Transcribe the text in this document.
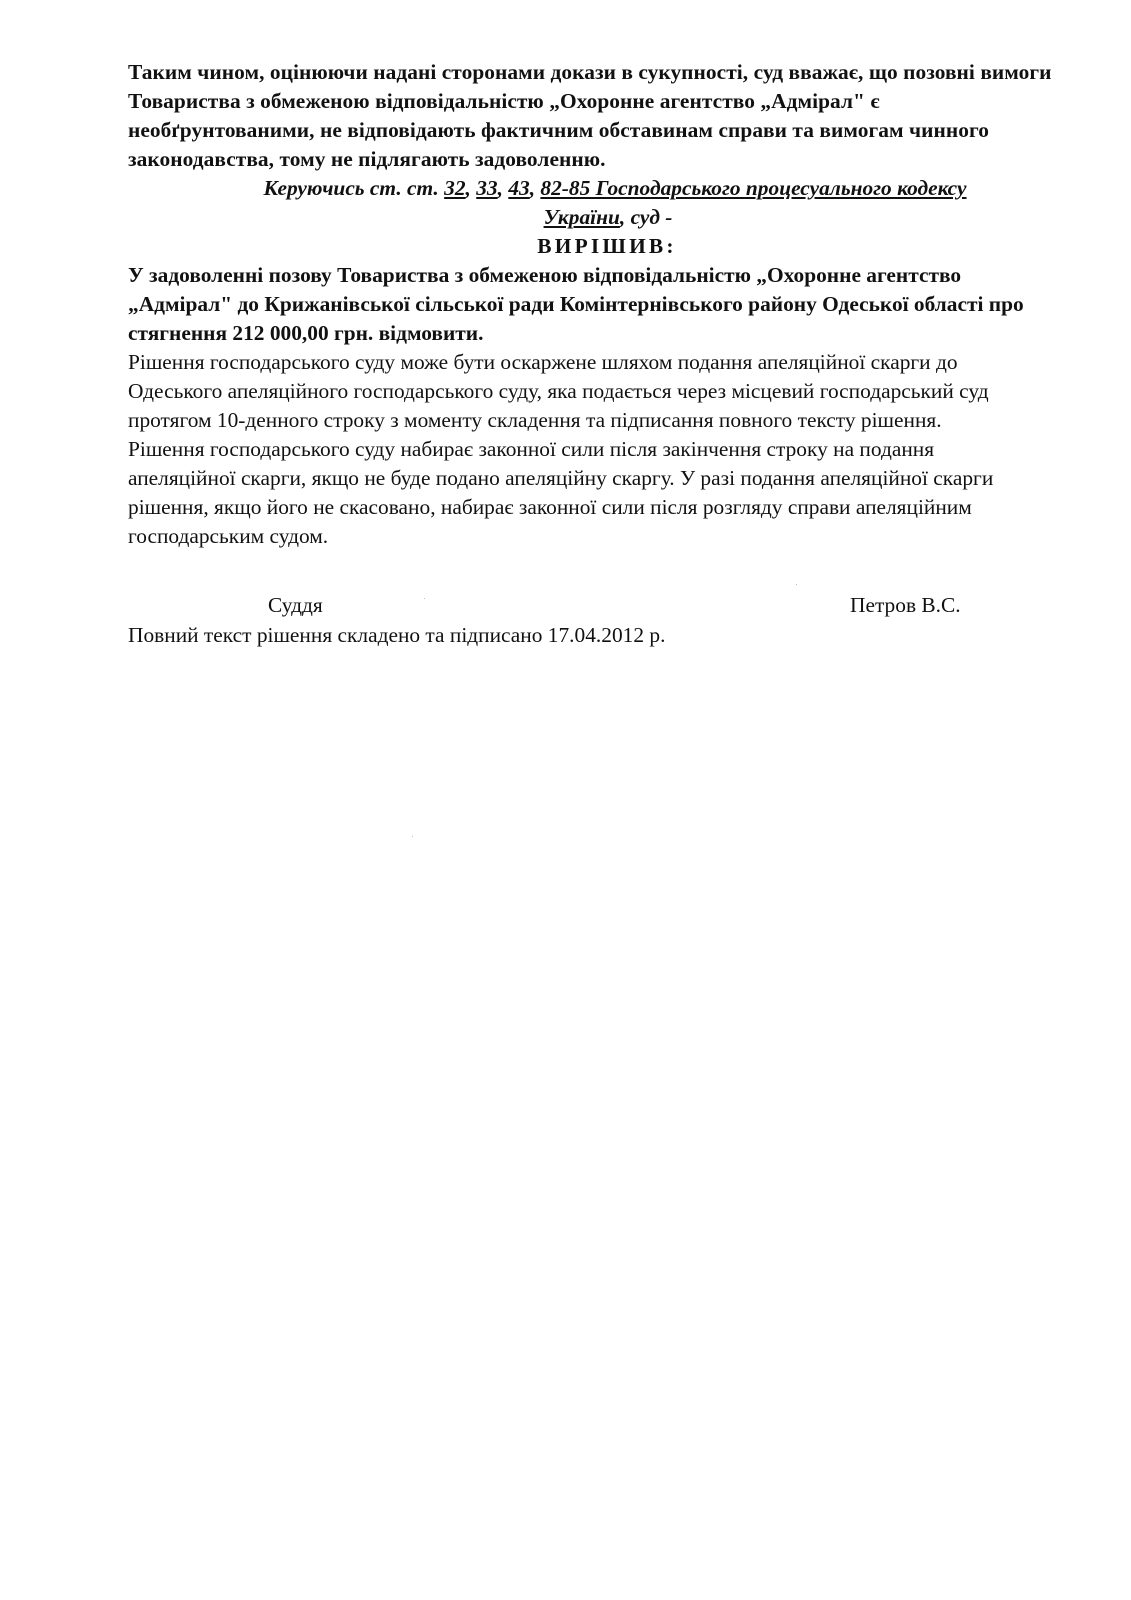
Таким чином, оцінюючи надані сторонами докази в сукупності, суд вважає, що позовні вимоги Товариства з обмеженою відповідальністю „Охоронне агентство „Адмірал" є необґрунтованими, не відповідають фактичним обставинам справи та вимогам чинного законодавства, тому не підлягають задоволенню.

Керуючись ст. ст. 32, 33, 43, 82-85 Господарського процесуального кодексу

України, суд -

ВИРІШИВ:

У задоволенні позову Товариства з обмеженою відповідальністю „Охоронне агентство „Адмірал" до Крижанівської сільської ради Комінтернівського району Одеської області про стягнення 212 000,00 грн. відмовити.

Рішення господарського суду може бути оскаржене шляхом подання апеляційної скарги до Одеського апеляційного господарського суду, яка подається через місцевий господарський суд протягом 10-денного строку з моменту складення та підписання повного тексту рішення.

Рішення господарського суду набирає законної сили після закінчення строку на подання апеляційної скарги, якщо не буде подано апеляційну скаргу. У разі подання апеляційної скарги рішення, якщо його не скасовано, набирає законної сили після розгляду справи апеляційним господарським судом.

Суддя	Петров В.С.

Повний текст рішення складено та підписано 17.04.2012 р.
